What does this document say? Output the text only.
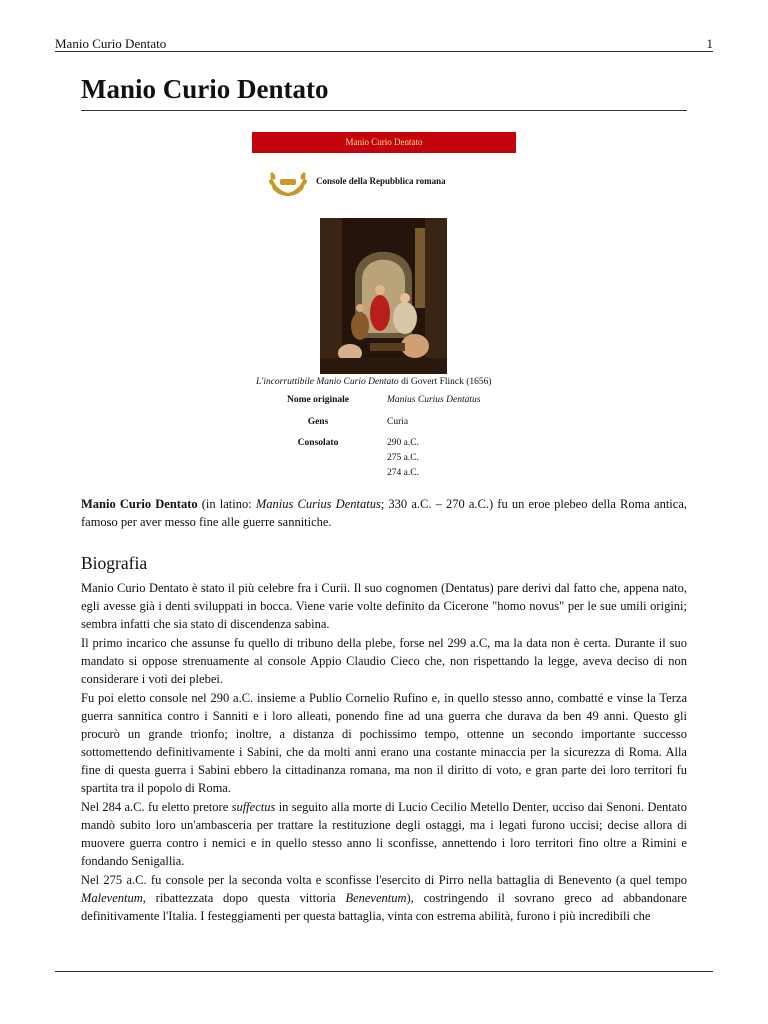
Manio Curio Dentato	1
Manio Curio Dentato
Manio Curio Dentato
Console della Repubblica romana
L'incorruttibile Manio Curio Dentato di Govert Flinck (1656)
Nome originale	Manius Curius Dentatus
Gens	Curia
Consolato	290 a.C.
275 a.C.
274 a.C.

Manio Curio Dentato (in latino: Manius Curius Dentatus; 330 a.C. – 270 a.C.) fu un eroe plebeo della Roma antica, famoso per aver messo fine alle guerre sannitiche.

Biografia

Manio Curio Dentato è stato il più celebre fra i Curii. Il suo cognomen (Dentatus) pare derivi dal fatto che, appena nato, egli avesse già i denti sviluppati in bocca. Viene varie volte definito da Cicerone "homo novus" per le sue umili origini; sembra infatti che sia stato di discendenza sabina.

Il primo incarico che assunse fu quello di tribuno della plebe, forse nel 299 a.C, ma la data non è certa. Durante il suo mandato si oppose strenuamente al console Appio Claudio Cieco che, non rispettando la legge, aveva deciso di non considerare i voti dei plebei.

Fu poi eletto console nel 290 a.C. insieme a Publio Cornelio Rufino e, in quello stesso anno, combatté e vinse la Terza guerra sannitica contro i Sanniti e i loro alleati, ponendo fine ad una guerra che durava da ben 49 anni. Questo gli procurò un grande trionfo; inoltre, a distanza di pochissimo tempo, ottenne un secondo importante successo sottomettendo definitivamente i Sabini, che da molti anni erano una costante minaccia per la sicurezza di Roma. Alla fine di questa guerra i Sabini ebbero la cittadinanza romana, ma non il diritto di voto, e gran parte dei loro territori fu spartita tra il popolo di Roma.

Nel 284 a.C. fu eletto pretore suffectus in seguito alla morte di Lucio Cecilio Metello Denter, ucciso dai Senoni. Dentato mandò subito loro un'ambasceria per trattare la restituzione degli ostaggi, ma i legati furono uccisi; decise allora di muovere guerra contro i nemici e in quello stesso anno li sconfisse, annettendo i loro territori fino oltre a Rimini e fondando Senigallia.

Nel 275 a.C. fu console per la seconda volta e sconfisse l'esercito di Pirro nella battaglia di Benevento (a quel tempo Maleventum, ribattezzata dopo questa vittoria Beneventum), costringendo il sovrano greco ad abbandonare definitivamente l'Italia. I festeggiamenti per questa battaglia, vinta con estrema abilità, furono i più incredibili che
